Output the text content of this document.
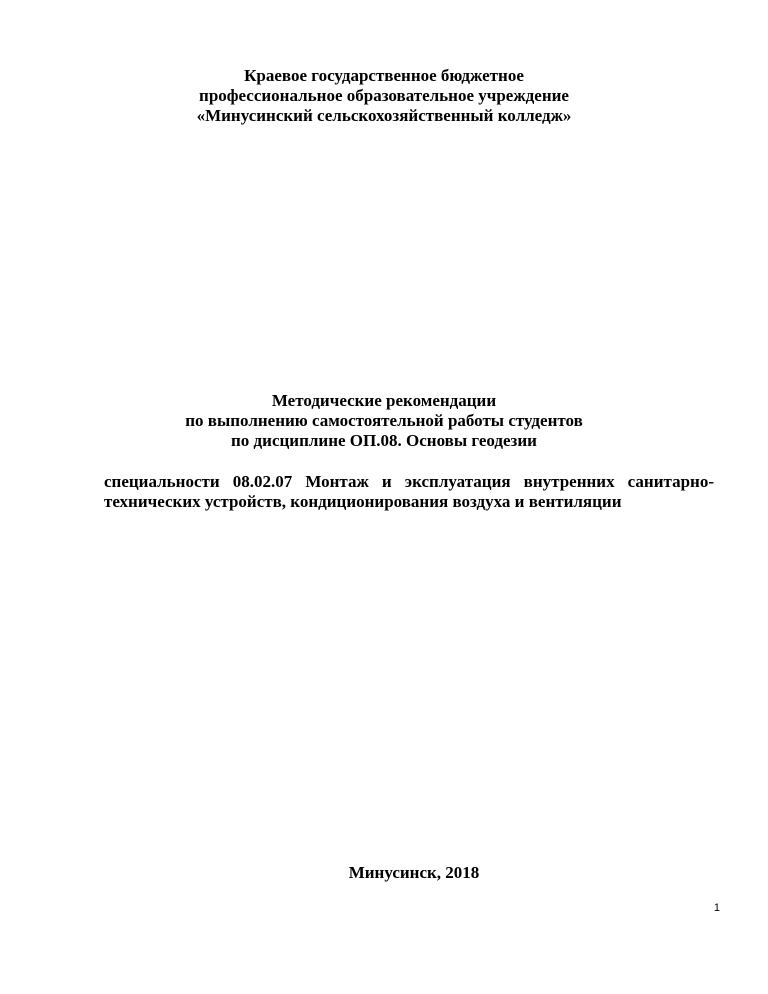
Краевое государственное бюджетное
профессиональное образовательное учреждение
«Минусинский сельскохозяйственный колледж»
Методические рекомендации
по выполнению самостоятельной работы студентов
по дисциплине ОП.08. Основы геодезии
специальности 08.02.07 Монтаж и эксплуатация внутренних санитарно-
технических устройств, кондиционирования воздуха и вентиляции
Минусинск, 2018
1
